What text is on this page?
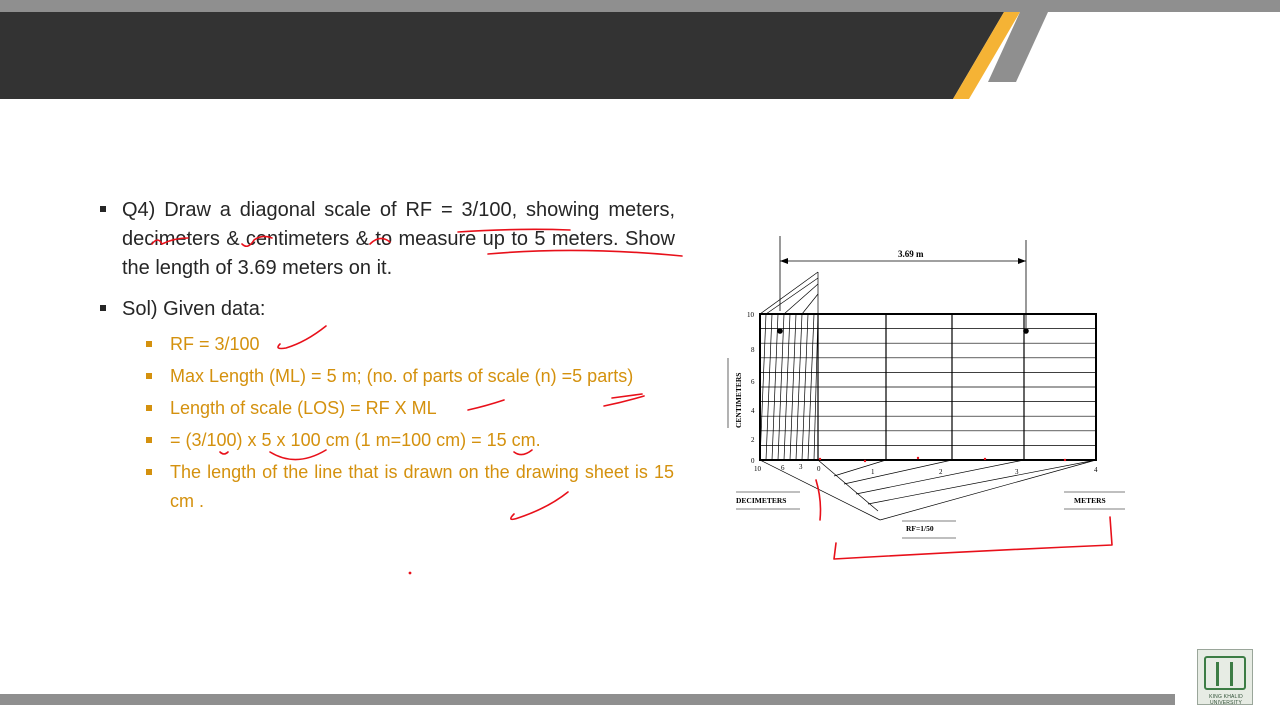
Q4) Draw a diagonal scale of RF = 3/100, showing meters, decimeters & centimeters & to measure up to 5 meters. Show the length of 3.69 meters on it.
Sol) Given data:
RF = 3/100
Max Length (ML) = 5 m; (no. of parts of scale (n) =5 parts)
Length of scale (LOS) = RF X ML
= (3/100) x 5 x 100 cm (1 m=100 cm) = 15 cm.
The length of the line that is drawn on the drawing sheet is 15 cm .
3.69 m
10
8
6
4
2
0
10	6 3 0	1	2	3	4
CENTIMETERS
DECIMETERS	METERS
RF=1/50
KING KHALID UNIVERSITY
